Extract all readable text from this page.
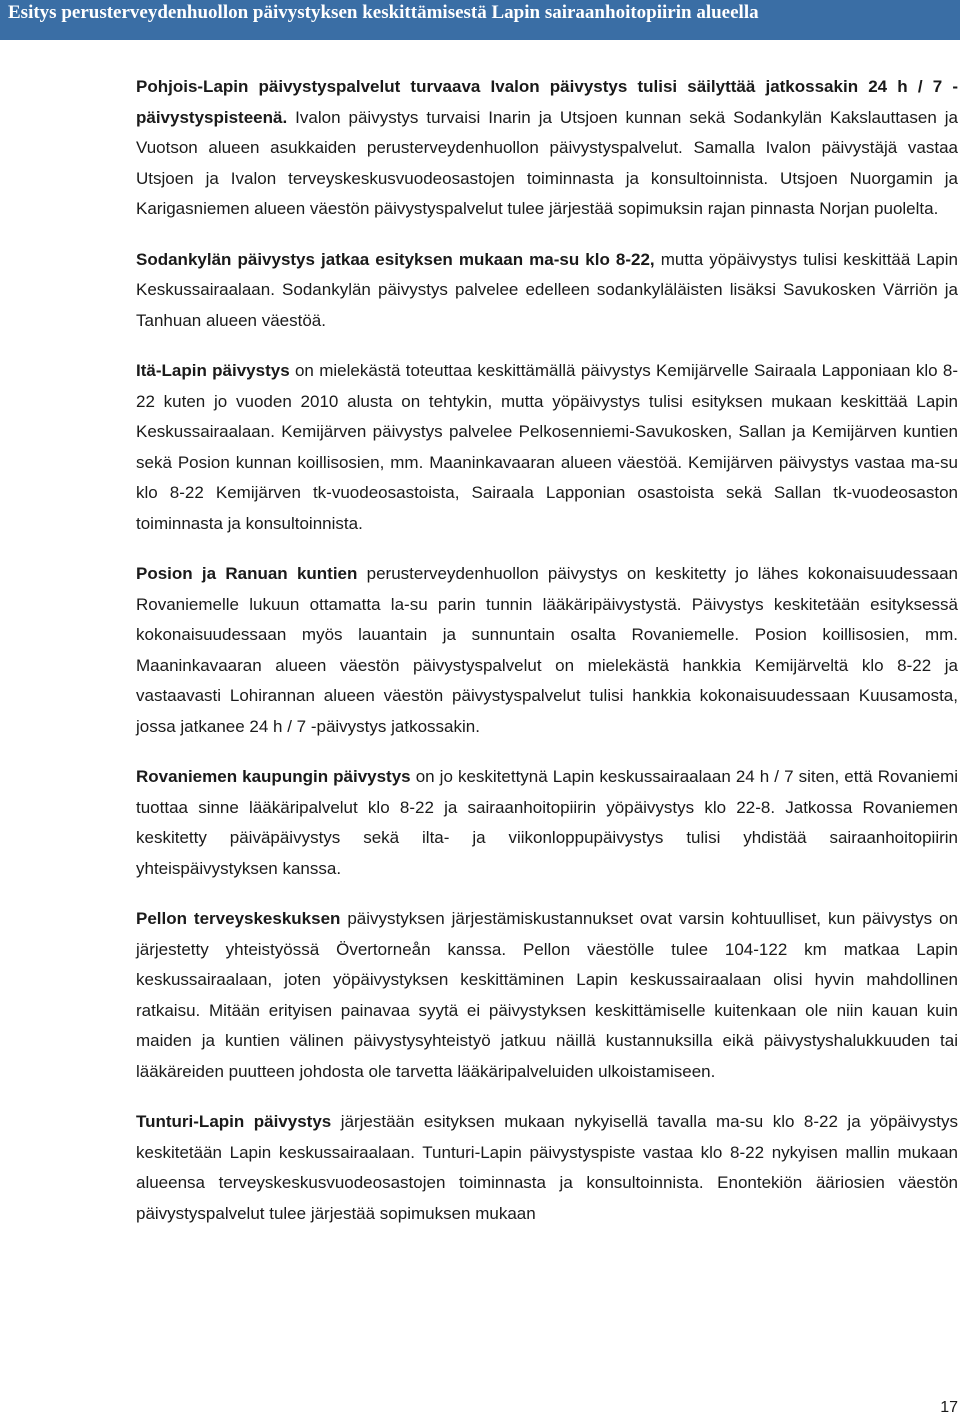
Esitys perusterveydenhuollon päivystyksen keskittämisestä Lapin sairaanhoitopiirin alueella

Pohjois-Lapin päivystyspalvelut turvaava Ivalon päivystys tulisi säilyttää jatkossakin 24 h / 7 -päivystyspisteenä. Ivalon päivystys turvaisi Inarin ja Utsjoen kunnan sekä Sodankylän Kakslauttasen ja Vuotson alueen asukkaiden perusterveydenhuollon päivystyspalvelut. Samalla Ivalon päivystäjä vastaa Utsjoen ja Ivalon terveyskeskusvuodeosastojen toiminnasta ja konsultoinnista. Utsjoen Nuorgamin ja Karigasniemen alueen väestön päivystyspalvelut tulee järjestää sopimuksin rajan pinnasta Norjan puolelta.

Sodankylän päivystys jatkaa esityksen mukaan ma-su klo 8-22, mutta yöpäivystys tulisi keskittää Lapin Keskussairaalaan. Sodankylän päivystys palvelee edelleen sodankyläläisten lisäksi Savukosken Värriön ja Tanhuan alueen väestöä.

Itä-Lapin päivystys on mielekästä toteuttaa keskittämällä päivystys Kemijärvelle Sairaala Lapponiaan klo 8-22 kuten jo vuoden 2010 alusta on tehtykin, mutta yöpäivystys tulisi esityksen mukaan keskittää Lapin Keskussairaalaan. Kemijärven päivystys palvelee Pelkosenniemi-Savukosken, Sallan ja Kemijärven kuntien sekä Posion kunnan koillisosien, mm. Maaninkavaaran alueen väestöä. Kemijärven päivystys vastaa ma-su klo 8-22 Kemijärven tk-vuodeosastoista, Sairaala Lapponian osastoista sekä Sallan tk-vuodeosaston toiminnasta ja konsultoinnista.

Posion ja Ranuan kuntien perusterveydenhuollon päivystys on keskitetty jo lähes kokonaisuudessaan Rovaniemelle lukuun ottamatta la-su parin tunnin lääkäripäivystystä. Päivystys keskitetään esityksessä kokonaisuudessaan myös lauantain ja sunnuntain osalta Rovaniemelle. Posion koillisosien, mm. Maaninkavaaran alueen väestön päivystyspalvelut on mielekästä hankkia Kemijärveltä klo 8-22 ja vastaavasti Lohirannan alueen väestön päivystyspalvelut tulisi hankkia kokonaisuudessaan Kuusamosta, jossa jatkanee 24 h / 7 -päivystys jatkossakin.

Rovaniemen kaupungin päivystys on jo keskitettynä Lapin keskussairaalaan 24 h / 7 siten, että Rovaniemi tuottaa sinne lääkäripalvelut klo 8-22 ja sairaanhoitopiirin yöpäivystys klo 22-8. Jatkossa Rovaniemen keskitetty päiväpäivystys sekä ilta- ja viikonloppupäivystys tulisi yhdistää sairaanhoitopiirin yhteispäivystyksen kanssa.

Pellon terveyskeskuksen päivystyksen järjestämiskustannukset ovat varsin kohtuulliset, kun päivystys on järjestetty yhteistyössä Övertorneån kanssa. Pellon väestölle tulee 104-122 km matkaa Lapin keskussairaalaan, joten yöpäivystyksen keskittäminen Lapin keskussairaalaan olisi hyvin mahdollinen ratkaisu. Mitään erityisen painavaa syytä ei päivystyksen keskittämiselle kuitenkaan ole niin kauan kuin maiden ja kuntien välinen päivystysyhteistyö jatkuu näillä kustannuksilla eikä päivystyshalukkuuden tai lääkäreiden puutteen johdosta ole tarvetta lääkäripalveluiden ulkoistamiseen.

Tunturi-Lapin päivystys järjestään esityksen mukaan nykyisellä tavalla ma-su klo 8-22 ja yöpäivystys keskitetään Lapin keskussairaalaan. Tunturi-Lapin päivystyspiste vastaa klo 8-22 nykyisen mallin mukaan alueensa terveyskeskusvuodeosastojen toiminnasta ja konsultoinnista. Enontekiön ääriosien väestön päivystyspalvelut tulee järjestää sopimuksen mukaan

17
